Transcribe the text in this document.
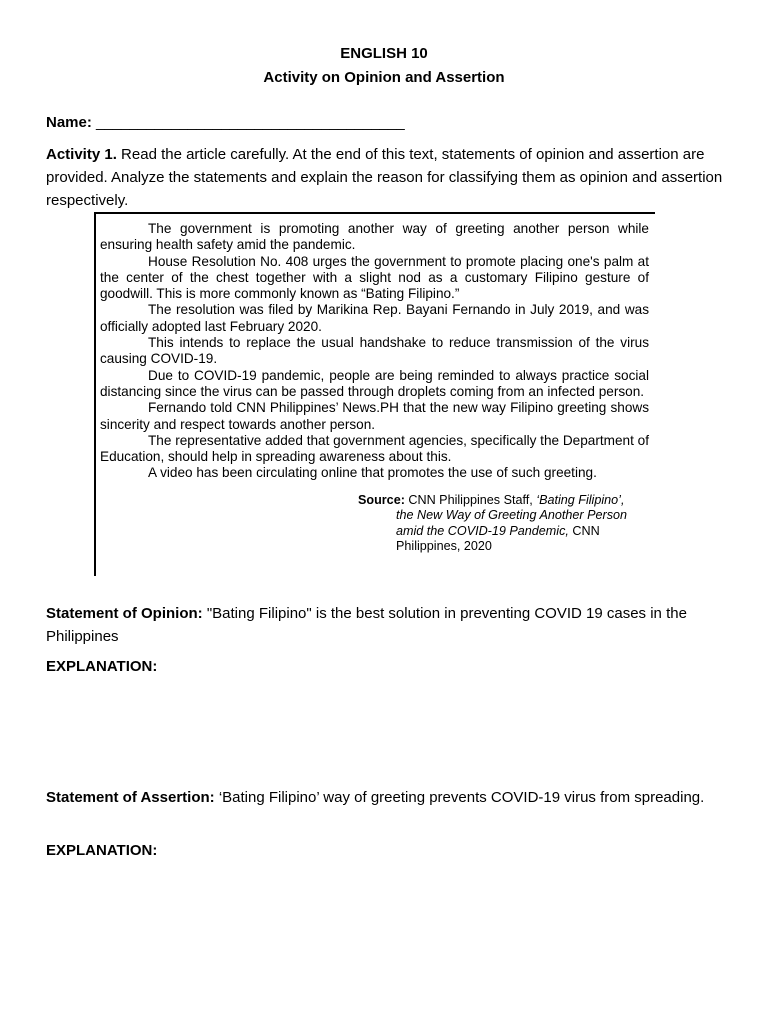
ENGLISH 10
Activity on Opinion and Assertion
Name: _____________________________________
Activity 1. Read the article carefully. At the end of this text, statements of opinion and assertion are provided. Analyze the statements and explain the reason for classifying them as opinion and assertion respectively.

The government is promoting another way of greeting another person while ensuring health safety amid the pandemic.

House Resolution No. 408 urges the government to promote placing one's palm at the center of the chest together with a slight nod as a customary Filipino gesture of goodwill. This is more commonly known as “Bating Filipino.”

The resolution was filed by Marikina Rep. Bayani Fernando in July 2019, and was officially adopted last February 2020.

This intends to replace the usual handshake to reduce transmission of the virus causing COVID-19.

Due to COVID-19 pandemic, people are being reminded to always practice social distancing since the virus can be passed through droplets coming from an infected person.

Fernando told CNN Philippines’ News.PH that the new way Filipino greeting shows sincerity and respect towards another person.

The representative added that government agencies, specifically the Department of Education, should help in spreading awareness about this.

A video has been circulating online that promotes the use of such greeting.

Source: CNN Philippines Staff, ‘Bating Filipino’,
the New Way of Greeting Another Person
amid the COVID-19 Pandemic, CNN
Philippines, 2020
Statement of Opinion: "Bating Filipino" is the best solution in preventing COVID 19 cases in the Philippines
EXPLANATION:
Statement of Assertion: ‘Bating Filipino’ way of greeting prevents COVID-19 virus from spreading.
EXPLANATION:
